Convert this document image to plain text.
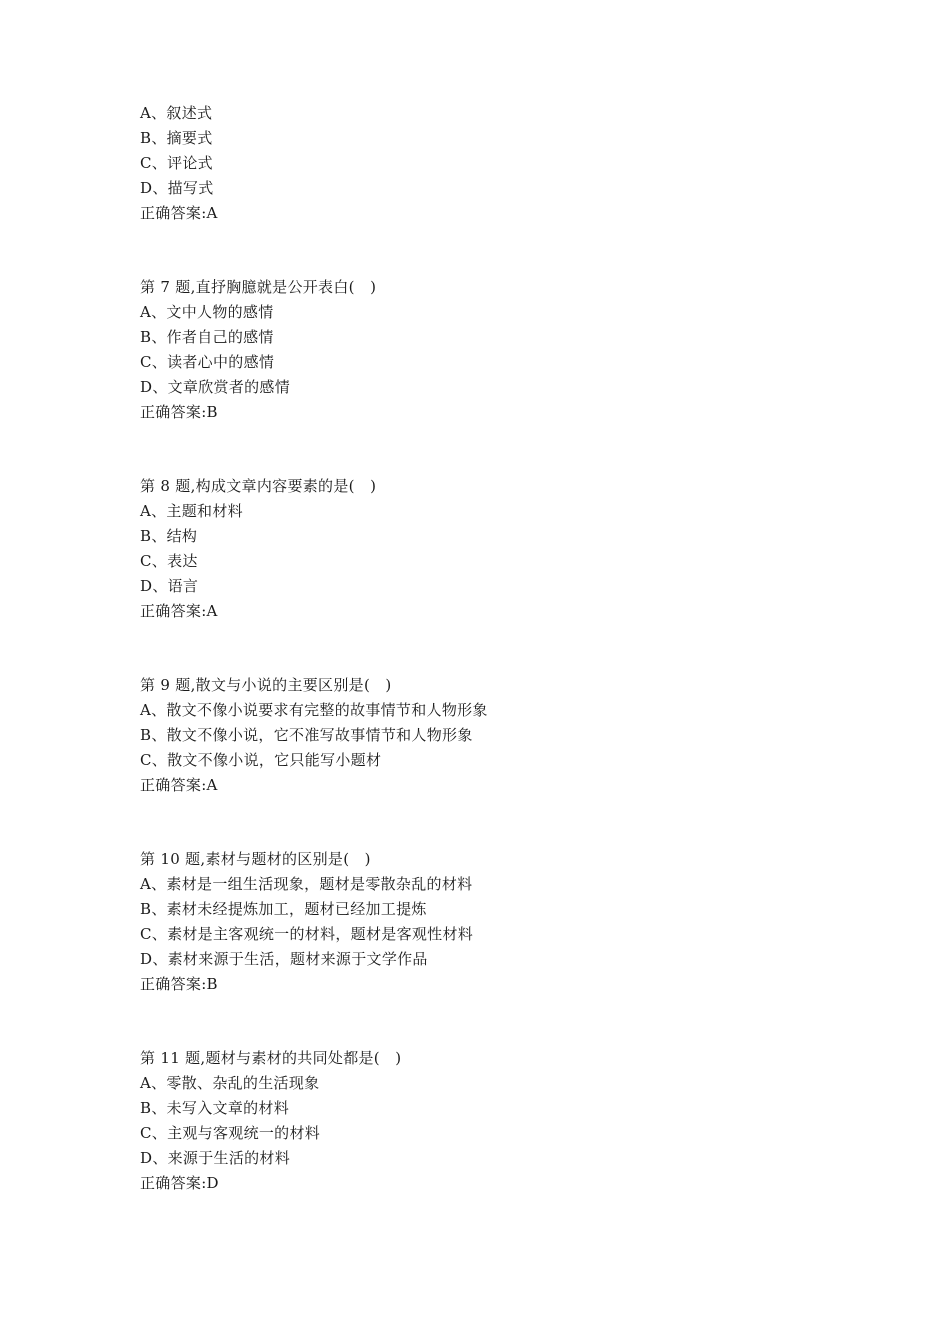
A、叙述式
B、摘要式
C、评论式
D、描写式
正确答案:A
第 7 题,直抒胸臆就是公开表白(　)
A、文中人物的感情
B、作者自己的感情
C、读者心中的感情
D、文章欣赏者的感情
正确答案:B
第 8 题,构成文章内容要素的是(　)
A、主题和材料
B、结构
C、表达
D、语言
正确答案:A
第 9 题,散文与小说的主要区别是(　)
A、散文不像小说要求有完整的故事情节和人物形象
B、散文不像小说，它不准写故事情节和人物形象
C、散文不像小说，它只能写小题材
正确答案:A
第 10 题,素材与题材的区别是(　)
A、素材是一组生活现象，题材是零散杂乱的材料
B、素材未经提炼加工，题材已经加工提炼
C、素材是主客观统一的材料，题材是客观性材料
D、素材来源于生活，题材来源于文学作品
正确答案:B
第 11 题,题材与素材的共同处都是(　)
A、零散、杂乱的生活现象
B、未写入文章的材料
C、主观与客观统一的材料
D、来源于生活的材料
正确答案:D
